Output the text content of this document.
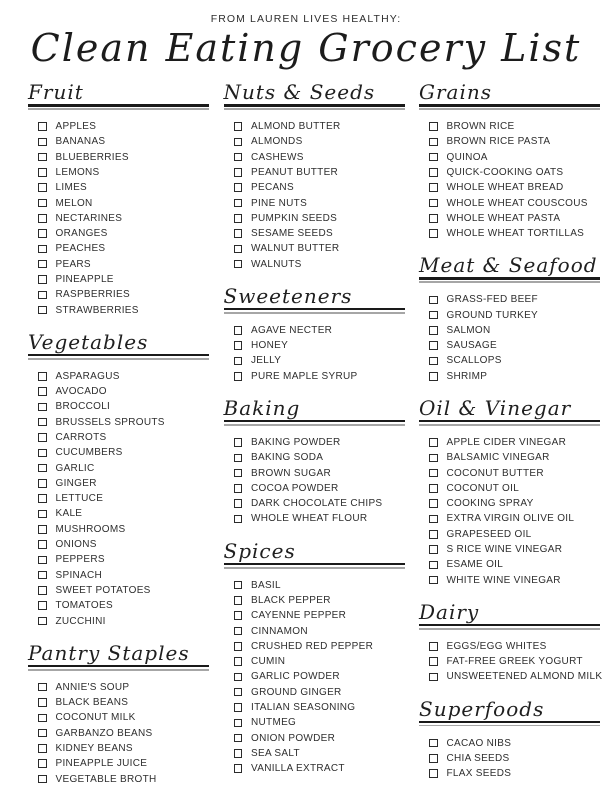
FROM LAUREN LIVES HEALTHY:

Clean Eating Grocery List
Fruit
APPLES
BANANAS
BLUEBERRIES
LEMONS
LIMES
MELON
NECTARINES
ORANGES
PEACHES
PEARS
PINEAPPLE
RASPBERRIES
STRAWBERRIES
Vegetables
ASPARAGUS
AVOCADO
BROCCOLI
BRUSSELS SPROUTS
CARROTS
CUCUMBERS
GARLIC
GINGER
LETTUCE
KALE
MUSHROOMS
ONIONS
PEPPERS
SPINACH
SWEET POTATOES
TOMATOES
ZUCCHINI
Pantry Staples
ANNIE'S SOUP
BLACK BEANS
COCONUT MILK
GARBANZO BEANS
KIDNEY BEANS
PINEAPPLE JUICE
VEGETABLE BROTH
Nuts & Seeds
ALMOND BUTTER
ALMONDS
CASHEWS
PEANUT BUTTER
PECANS
PINE NUTS
PUMPKIN SEEDS
SESAME SEEDS
WALNUT BUTTER
WALNUTS
Sweeteners
AGAVE NECTER
HONEY
JELLY
PURE MAPLE SYRUP
Baking
BAKING POWDER
BAKING SODA
BROWN SUGAR
COCOA POWDER
DARK CHOCOLATE CHIPS
WHOLE WHEAT FLOUR
Spices
BASIL
BLACK PEPPER
CAYENNE PEPPER
CINNAMON
CRUSHED RED PEPPER
CUMIN
GARLIC POWDER
GROUND GINGER
ITALIAN SEASONING
NUTMEG
ONION POWDER
SEA SALT
VANILLA EXTRACT
Grains
BROWN RICE
BROWN RICE PASTA
QUINOA
QUICK-COOKING OATS
WHOLE WHEAT BREAD
WHOLE WHEAT COUSCOUS
WHOLE WHEAT PASTA
WHOLE WHEAT TORTILLAS
Meat & Seafood
GRASS-FED BEEF
GROUND TURKEY
SALMON
SAUSAGE
SCALLOPS
SHRIMP
Oil & Vinegar
APPLE CIDER VINEGAR
BALSAMIC VINEGAR
COCONUT BUTTER
COCONUT OIL
COOKING SPRAY
EXTRA VIRGIN OLIVE OIL
GRAPESEED OIL
S RICE WINE VINEGAR
ESAME OIL
WHITE WINE VINEGAR
Dairy
EGGS/EGG WHITES
FAT-FREE GREEK YOGURT
UNSWEETENED ALMOND MILK
Superfoods
CACAO NIBS
CHIA SEEDS
FLAX SEEDS
